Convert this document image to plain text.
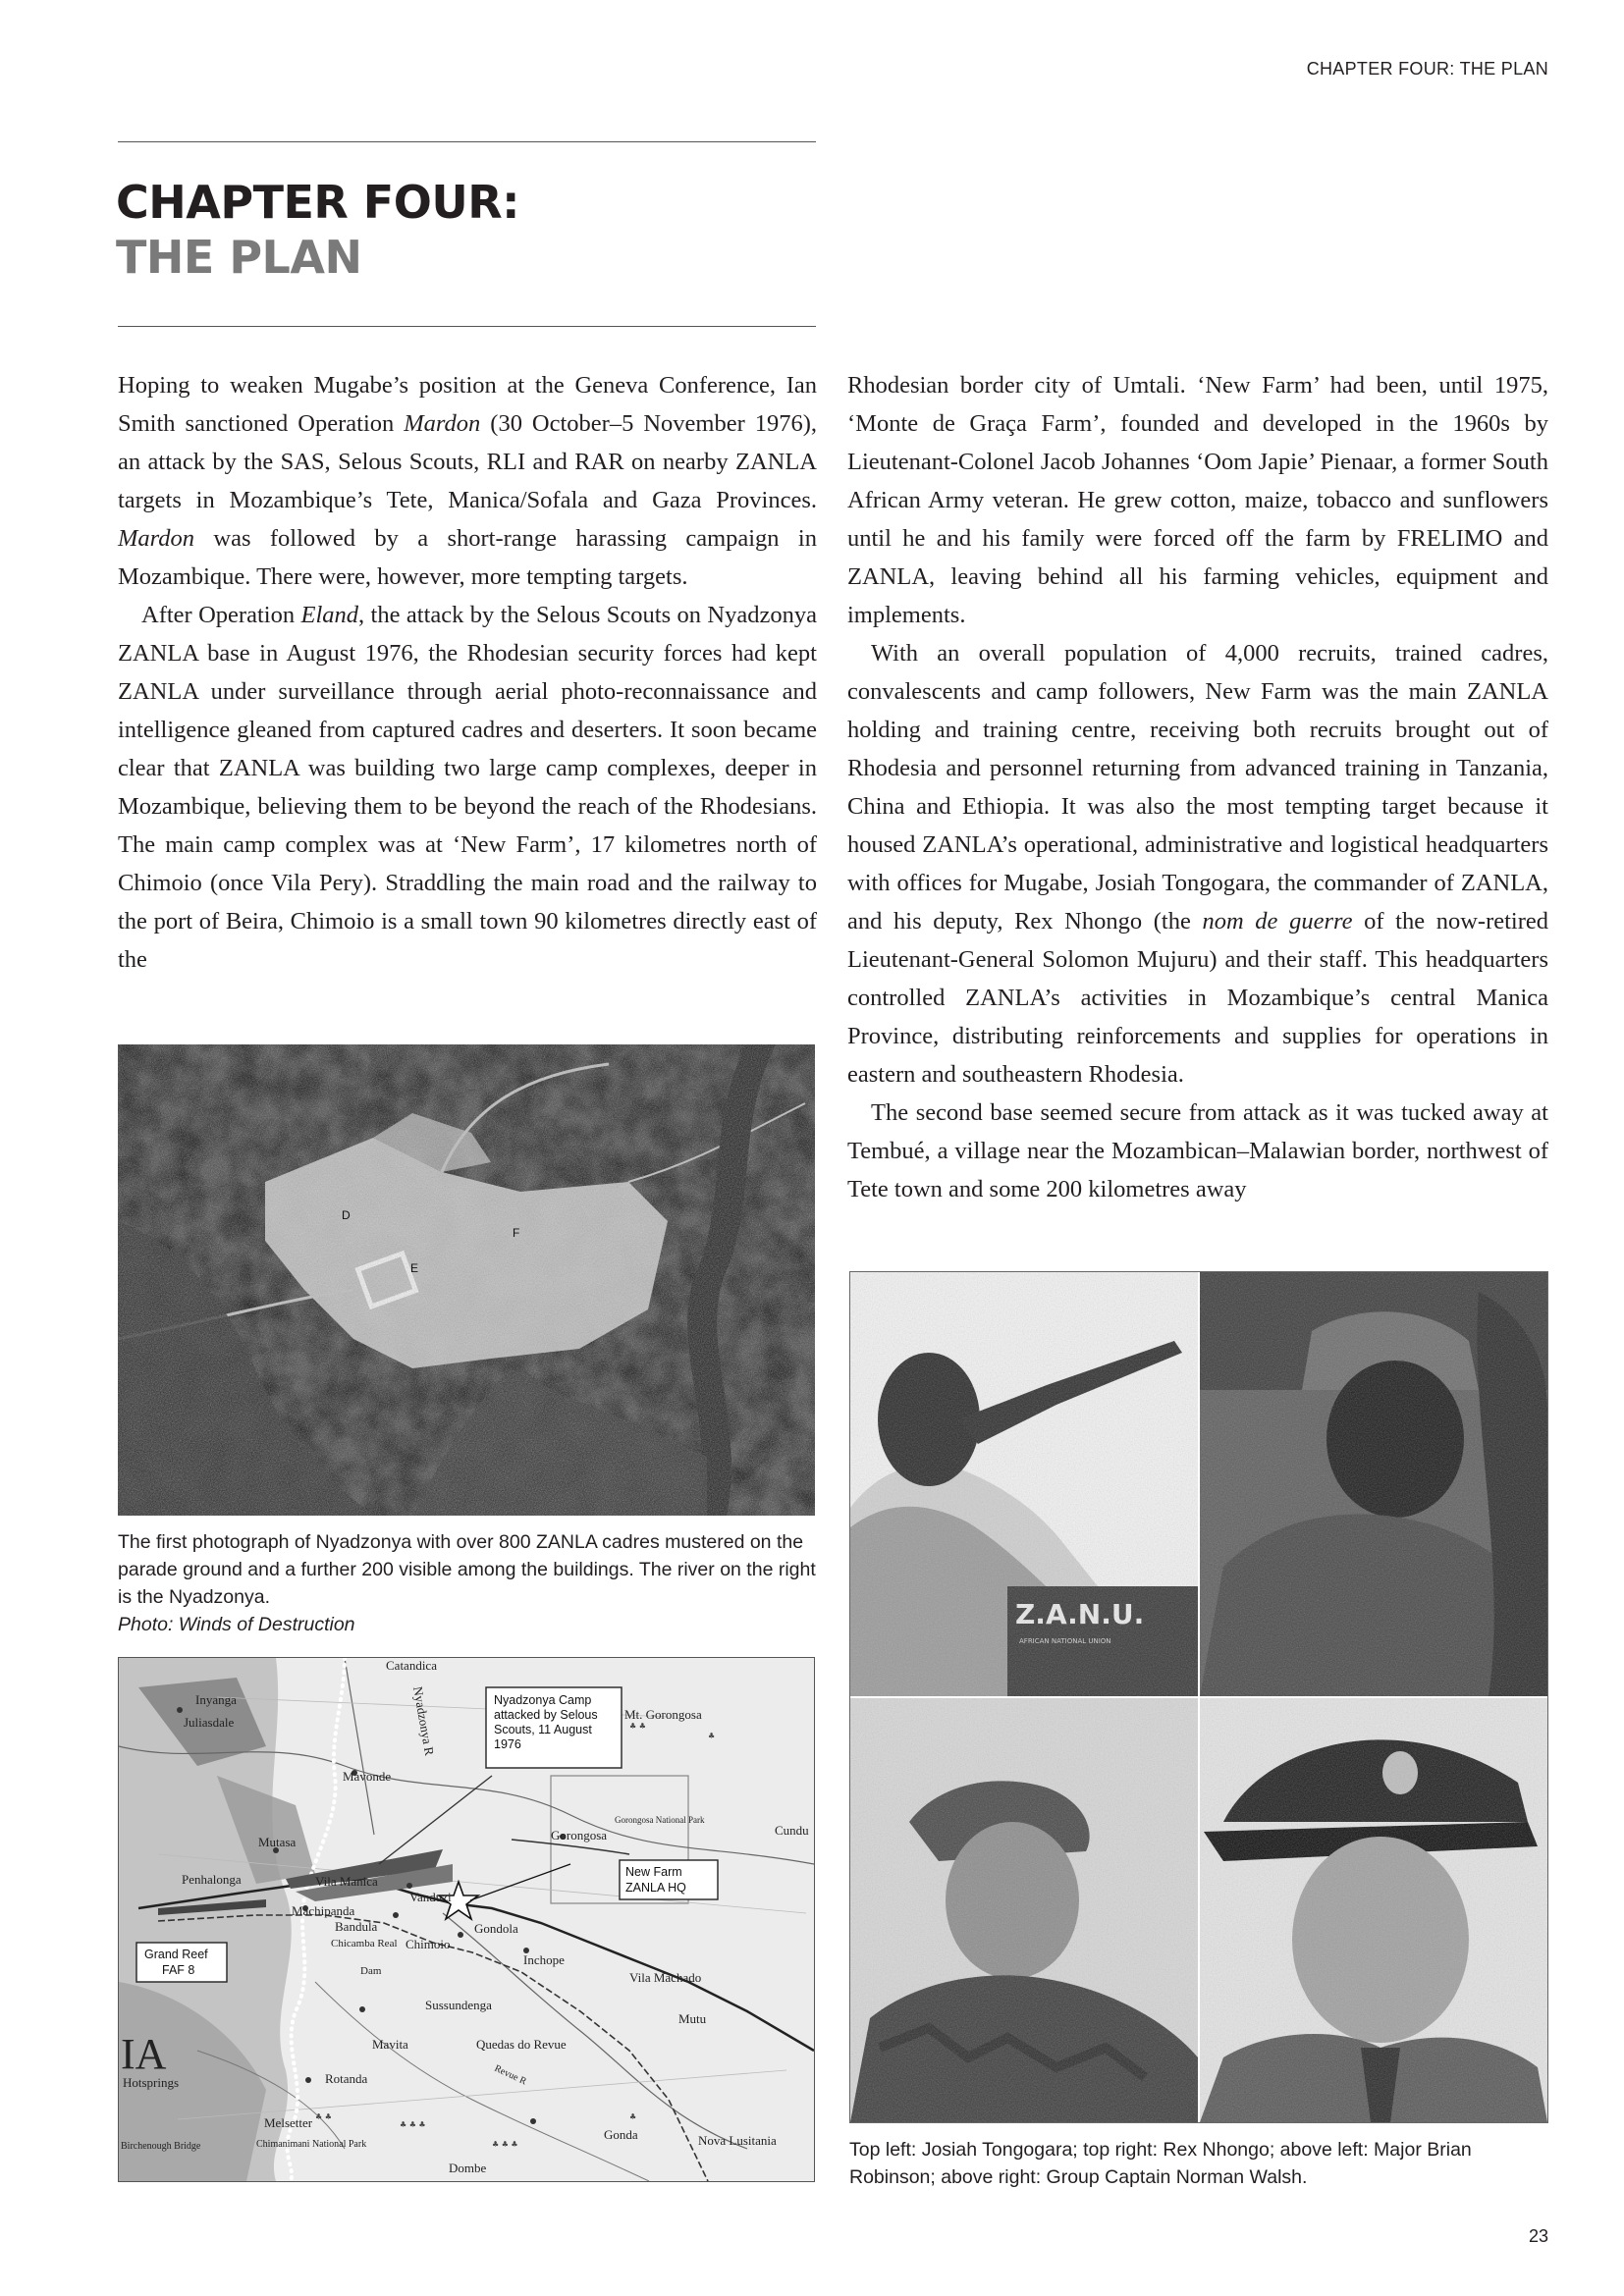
CHAPTER FOUR: THE PLAN
CHAPTER FOUR:
THE PLAN

Hoping to weaken Mugabe’s position at the Geneva Conference, Ian Smith sanctioned Operation Mardon (30 October–5 November 1976), an attack by the SAS, Selous Scouts, RLI and RAR on nearby ZANLA targets in Mozambique’s Tete, Manica/Sofala and Gaza Provinces. Mardon was followed by a short-range harassing campaign in Mozambique. There were, however, more tempting targets.

After Operation Eland, the attack by the Selous Scouts on Nyadzonya ZANLA base in August 1976, the Rhodesian security forces had kept ZANLA under surveillance through aerial photo-reconnaissance and intelligence gleaned from captured cadres and deserters. It soon became clear that ZANLA was building two large camp complexes, deeper in Mozambique, believing them to be beyond the reach of the Rhodesians. The main camp complex was at ‘New Farm’, 17 kilometres north of Chimoio (once Vila Pery). Straddling the main road and the railway to the port of Beira, Chimoio is a small town 90 kilometres directly east of the

D
E
F
The first photograph of Nyadzonya with over 800 ZANLA cadres mustered on the parade ground and a further 200 visible among the buildings. The river on the right is the Nyadzonya.
Photo: Winds of Destruction
♣ ♣
♣
♣ ♣ ♣
♣ ♣
♣ ♣ ♣
♣
Catandica
Inyanga
Juliasdale	Nyadzonya R
Mavonde
Mt. Gorongosa
Gorongosa
Gorongosa National Park
Cundu
Mutasa
Penhalonga	Vila Manica
Vanduzi
Machipanda
Bandula
Chicamba Real
Dam
Chimoio
Gondola
Inchope
Vila Machado
Sussundenga
Mavita	Quedas do Revue
Revue R
Rotanda
Hotsprings
Melsetter
Chimanimani National Park
Birchenough Bridge
Dombe
Gonda	Nova Lusitania
Mutu
IA
Nyadzonya Camp
attacked by Selous
Scouts, 11 August
1976
New Farm
ZANLA HQ
Grand Reef
FAF 8

Rhodesian border city of Umtali. ‘New Farm’ had been, until 1975, ‘Monte de Graça Farm’, founded and developed in the 1960s by Lieutenant-Colonel Jacob Johannes ‘Oom Japie’ Pienaar, a former South African Army veteran. He grew cotton, maize, tobacco and sunflowers until he and his family were forced off the farm by FRELIMO and ZANLA, leaving behind all his farming vehicles, equipment and implements.

With an overall population of 4,000 recruits, trained cadres, convalescents and camp followers, New Farm was the main ZANLA holding and training centre, receiving both recruits brought out of Rhodesia and personnel returning from advanced training in Tanzania, China and Ethiopia. It was also the most tempting target because it housed ZANLA’s operational, administrative and logistical headquarters with offices for Mugabe, Josiah Tongogara, the commander of ZANLA, and his deputy, Rex Nhongo (the nom de guerre of the now-retired Lieutenant-General Solomon Mujuru) and their staff. This headquarters controlled ZANLA’s activities in Mozambique’s central Manica Province, distributing reinforcements and supplies for operations in eastern and southeastern Rhodesia.

The second base seemed secure from attack as it was tucked away at Tembué, a village near the Mozambican–Malawian border, northwest of Tete town and some 200 kilometres away

Top left: Josiah Tongogara; top right: Rex Nhongo; above left: Major Brian Robinson; above right: Group Captain Norman Walsh.
23
